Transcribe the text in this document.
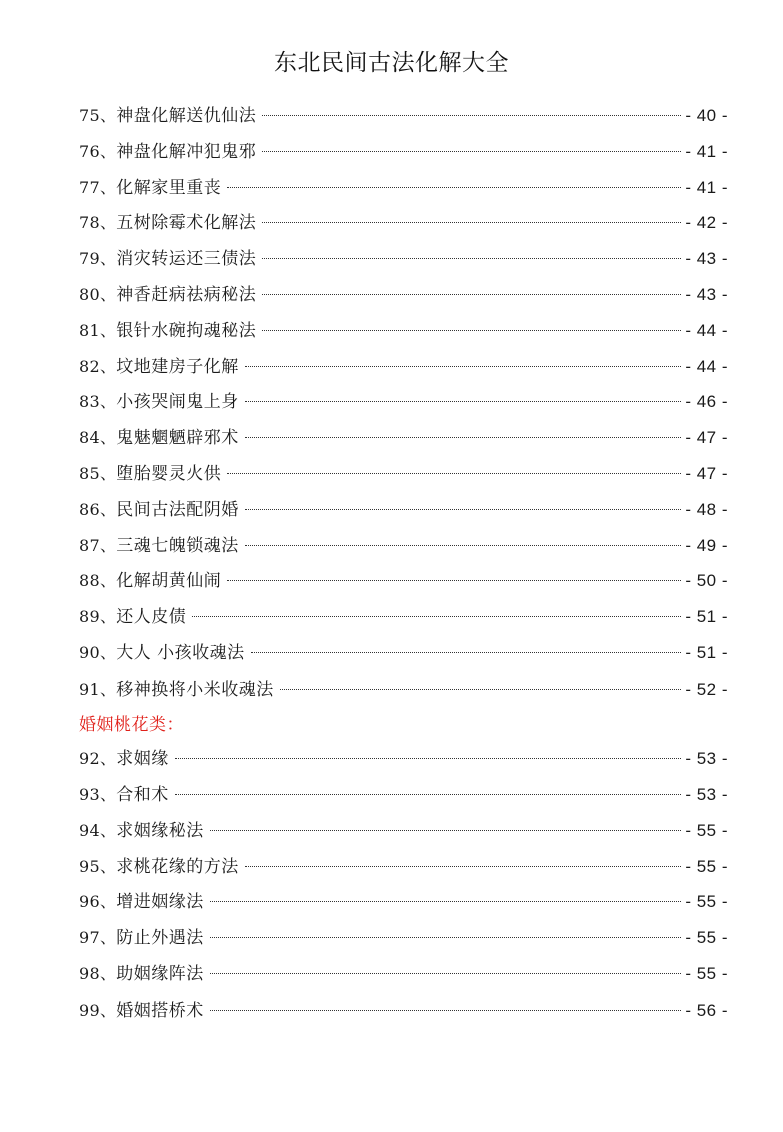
东北民间古法化解大全
75、 神盘化解送仇仙法	- 40 -
76、 神盘化解冲犯鬼邪	- 41 -
77、 化解家里重丧	- 41 -
78、 五树除霉术化解法	- 42 -
79、 消灾转运还三债法	- 43 -
80、 神香赶病祛病秘法	- 43 -
81、 银针水碗拘魂秘法	- 44 -
82、 坟地建房子化解	- 44 -
83、 小孩哭闹鬼上身	- 46 -
84、 鬼魅魍魉辟邪术	- 47 -
85、 堕胎婴灵火供	- 47 -
86、 民间古法配阴婚	- 48 -
87、 三魂七魄锁魂法	- 49 -
88、 化解胡黄仙闹	- 50 -
89、 还人皮债	- 51 -
90、 大人 小孩收魂法	- 51 -
91、 移神换将小米收魂法	- 52 -
婚姻桃花类：
92、 求姻缘	- 53 -
93、 合和术	- 53 -
94、 求姻缘秘法	- 55 -
95、 求桃花缘的方法	- 55 -
96、 增进姻缘法	- 55 -
97、 防止外遇法	- 55 -
98、 助姻缘阵法	- 55 -
99、 婚姻搭桥术	- 56 -
